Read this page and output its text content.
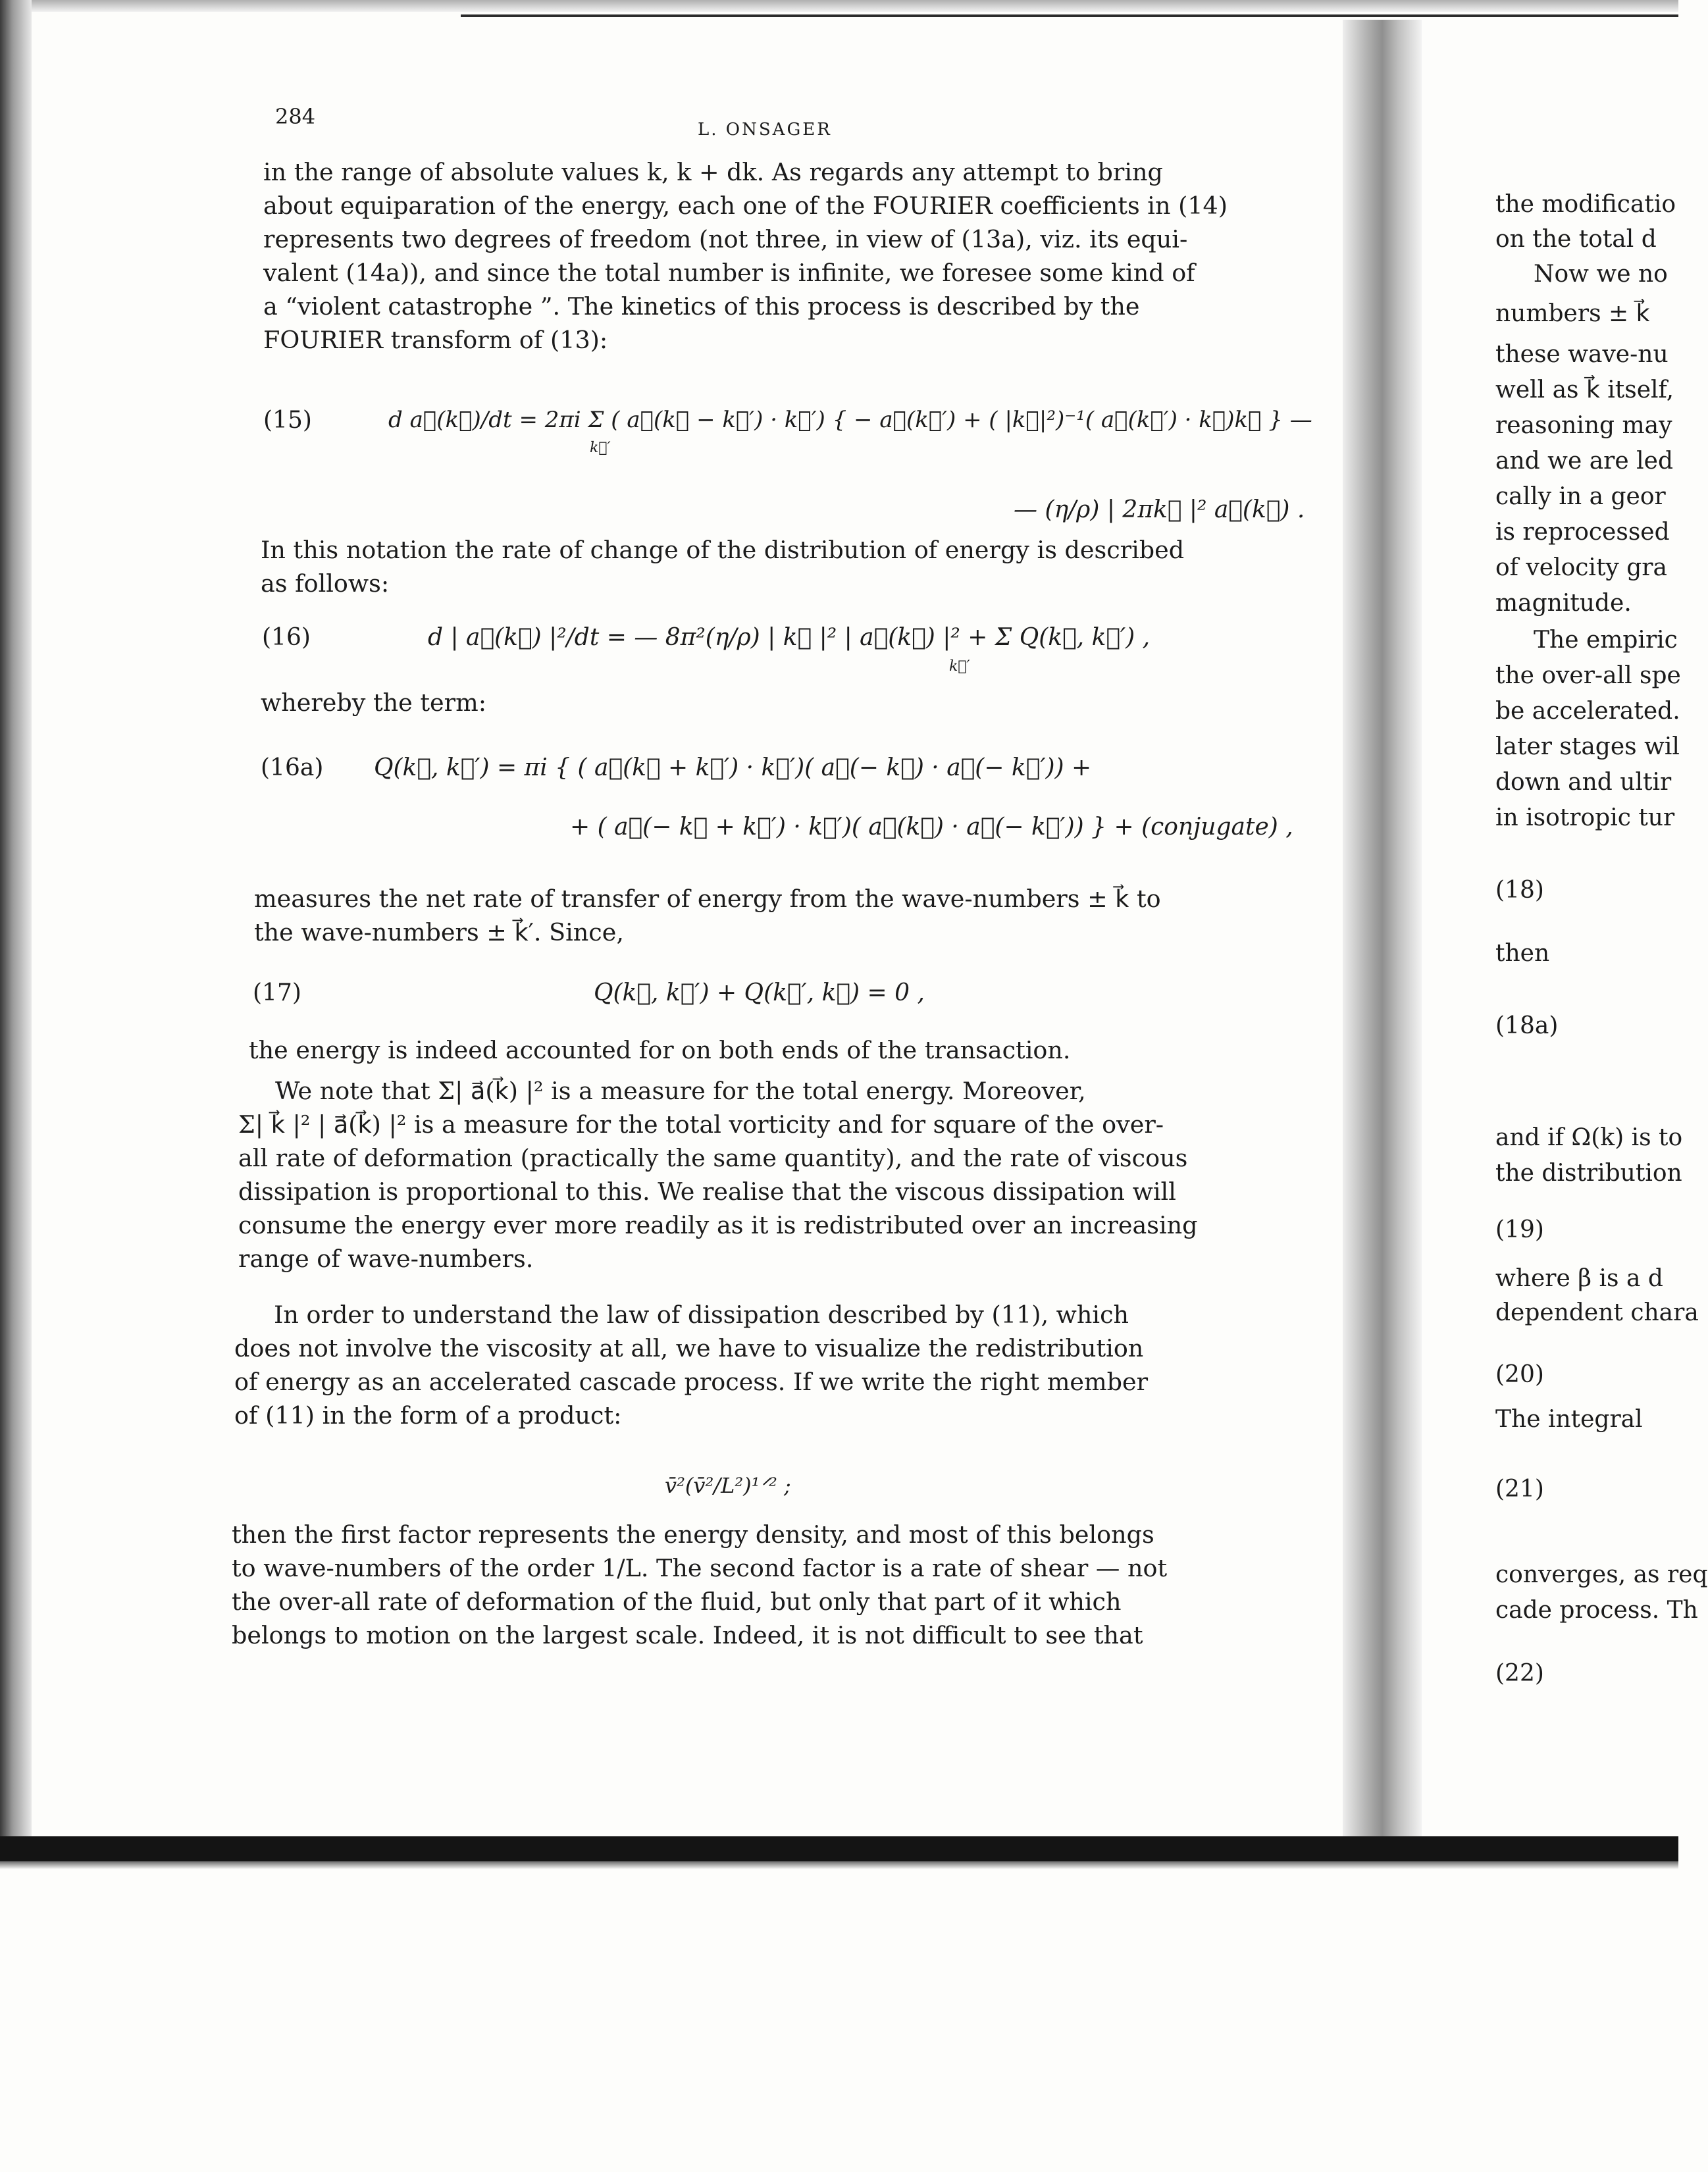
284
L. ONSAGER
in the range of absolute values k, k + dk. As regards any attempt to bring
about equiparation of the energy, each one of the FOURIER coefficients in (14)
represents two degrees of freedom (not three, in view of (13a), viz. its equi-
valent (14a)), and since the total number is infinite, we foresee some kind of
a “violent catastrophe ”. The kinetics of this process is described by the
FOURIER transform of (13):
(15)	d a⃗(k⃗)/dt = 2πi Σ ( a⃗(k⃗ − k⃗′) · k⃗′) { − a⃗(k⃗′) + ( |k⃗|²)⁻¹( a⃗(k⃗′) · k⃗)k⃗ } —
k⃗′
— (η/ρ) | 2πk⃗ |² a⃗(k⃗) .
In this notation the rate of change of the distribution of energy is described
as follows:
(16)	d | a⃗(k⃗) |²/dt = — 8π²(η/ρ) | k⃗ |² | a⃗(k⃗) |² + Σ Q(k⃗, k⃗′) ,
k⃗′
whereby the term:
(16a) Q(k⃗, k⃗′) = πi { ( a⃗(k⃗ + k⃗′) · k⃗′)( a⃗(− k⃗) · a⃗(− k⃗′)) +
+ ( a⃗(− k⃗ + k⃗′) · k⃗′)( a⃗(k⃗) · a⃗(− k⃗′)) } + (conjugate) ,
measures the net rate of transfer of energy from the wave-numbers ± k⃗ to
the wave-numbers ± k⃗′. Since,
(17)	Q(k⃗, k⃗′) + Q(k⃗′, k⃗) = 0 ,
the energy is indeed accounted for on both ends of the transaction.
We note that Σ| a⃗(k⃗) |² is a measure for the total energy. Moreover,
Σ| k⃗ |² | a⃗(k⃗) |² is a measure for the total vorticity and for square of the over-
all rate of deformation (practically the same quantity), and the rate of viscous
dissipation is proportional to this. We realise that the viscous dissipation will
consume the energy ever more readily as it is redistributed over an increasing
range of wave-numbers.
In order to understand the law of dissipation described by (11), which
does not involve the viscosity at all, we have to visualize the redistribution
of energy as an accelerated cascade process. If we write the right member
of (11) in the form of a product:
v̄²(v̄²/L²)¹ᐟ² ;
then the first factor represents the energy density, and most of this belongs
to wave-numbers of the order 1/L. The second factor is a rate of shear — not
the over-all rate of deformation of the fluid, but only that part of it which
belongs to motion on the largest scale. Indeed, it is not difficult to see that
the modificatio
on the total d
Now we no
numbers ± k⃗
these wave-nu
well as k⃗ itself,
reasoning may
and we are led
cally in a geor
is reprocessed
of velocity gra
magnitude.
The empiric
the over-all spe
be accelerated.
later stages wil
down and ultir
in isotropic tur
(18)
then
(18a)
and if Ω(k) is to
the distribution
(19)
where β is a d
dependent chara
(20)
The integral
(21)
converges, as req
cade process. Th
(22)
